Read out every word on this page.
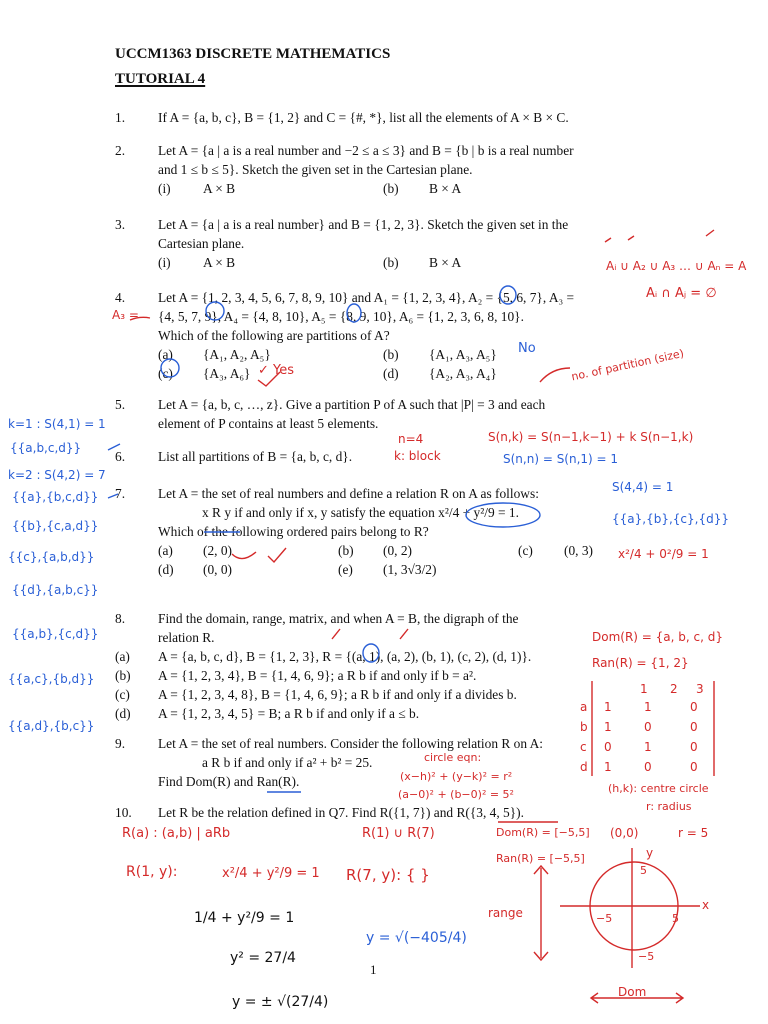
UCCM1363 DISCRETE MATHEMATICS
TUTORIAL 4
1.	If A = {a, b, c}, B = {1, 2} and C = {#, *}, list all the elements of A × B × C.
2.	Let A = {a | a is a real number and −2 ≤ a ≤ 3} and B = {b | b is a real number
and 1 ≤ b ≤ 5}. Sketch the given set in the Cartesian plane.
(i) A × B	(b) B × A
3.	Let A = {a | a is a real number} and B = {1, 2, 3}. Sketch the given set in the
Cartesian plane.
(i) A × B	(b) B × A
4.	Let A = {1, 2, 3, 4, 5, 6, 7, 8, 9, 10} and A₁ = {1, 2, 3, 4}, A₂ = {5, 6, 7}, A₃ =
{4, 5, 7, 9}, A₄ = {4, 8, 10}, A₅ = {8, 9, 10}, A₆ = {1, 2, 3, 6, 8, 10}.
Which of the following are partitions of A?
(a) {A₁, A₂, A₅}	(b) {A₁, A₃, A₅}
(c) {A₃, A₆}	(d) {A₂, A₃, A₄}
5.	Let A = {a, b, c, …, z}. Give a partition P of A such that |P| = 3 and each
element of P contains at least 5 elements.
6.	List all partitions of B = {a, b, c, d}.
7.	Let A = the set of real numbers and define a relation R on A as follows:
x R y if and only if x, y satisfy the equation x²/4 + y²/9 = 1.
Which of the following ordered pairs belong to R?
(a) (2, 0)	(b) (0, 2)	(c) (0, 3)
(d) (0, 0)	(e) (1, 3√3/2)
8.	Find the domain, range, matrix, and when A = B, the digraph of the
relation R.
(a) A = {a, b, c, d}, B = {1, 2, 3}, R = {(a, 1), (a, 2), (b, 1), (c, 2), (d, 1)}.
(b) A = {1, 2, 3, 4}, B = {1, 4, 6, 9}; a R b if and only if b = a².
(c) A = {1, 2, 3, 4, 8}, B = {1, 4, 6, 9}; a R b if and only if a divides b.
(d) A = {1, 2, 3, 4, 5} = B; a R b if and only if a ≤ b.
9.	Let A = the set of real numbers. Consider the following relation R on A:
a R b if and only if a² + b² = 25.
Find Dom(R) and Ran(R).
10.	Let R be the relation defined in Q7. Find R({1, 7}) and R({3, 4, 5}).
1
Aᵢ ∪ A₂ ∪ A₃ … ∪ Aₙ = A
Aᵢ ∩ Aⱼ = ∅
A₃ =
No
✓ Yes	no. of partition (size)
n=4
k: block
S(n,k) = S(n−1,k−1) + k S(n−1,k)
S(n,n) = S(n,1) = 1
S(4,4) = 1
{{a},{b},{c},{d}}
k=1 : S(4,1) = 1
{{a,b,c,d}}
k=2 : S(4,2) = 7
{{a},{b,c,d}}
{{b},{c,a,d}}
{{c},{a,b,d}}
{{d},{a,b,c}}
{{a,b},{c,d}}
{{a,c},{b,d}}
{{a,d},{b,c}}
x²/4 + 0²/9 = 1
Dom(R) = {a, b, c, d}
Ran(R) = {1, 2}
1 2 3
a 1	1	0
b 1	0	0
c 0	1	0
d 1	0	0
circle eqn:
(x−h)² + (y−k)² = r²
(a−0)² + (b−0)² = 5²	(h,k): centre circle
r: radius
Dom(R) = [−5,5]
Ran(R) = [−5,5]
(0,0)	r = 5
R(a) : (a,b) | aRb	R(1) ∪ R(7)
R(1, y):	x²/4 + y²/9 = 1 R(7, y): { }
1/4 + y²/9 = 1
y² = 27/4
y = ± √(27/4)
y = √(−405/4)
range
Dom
x
y
5
−5	5
−5
